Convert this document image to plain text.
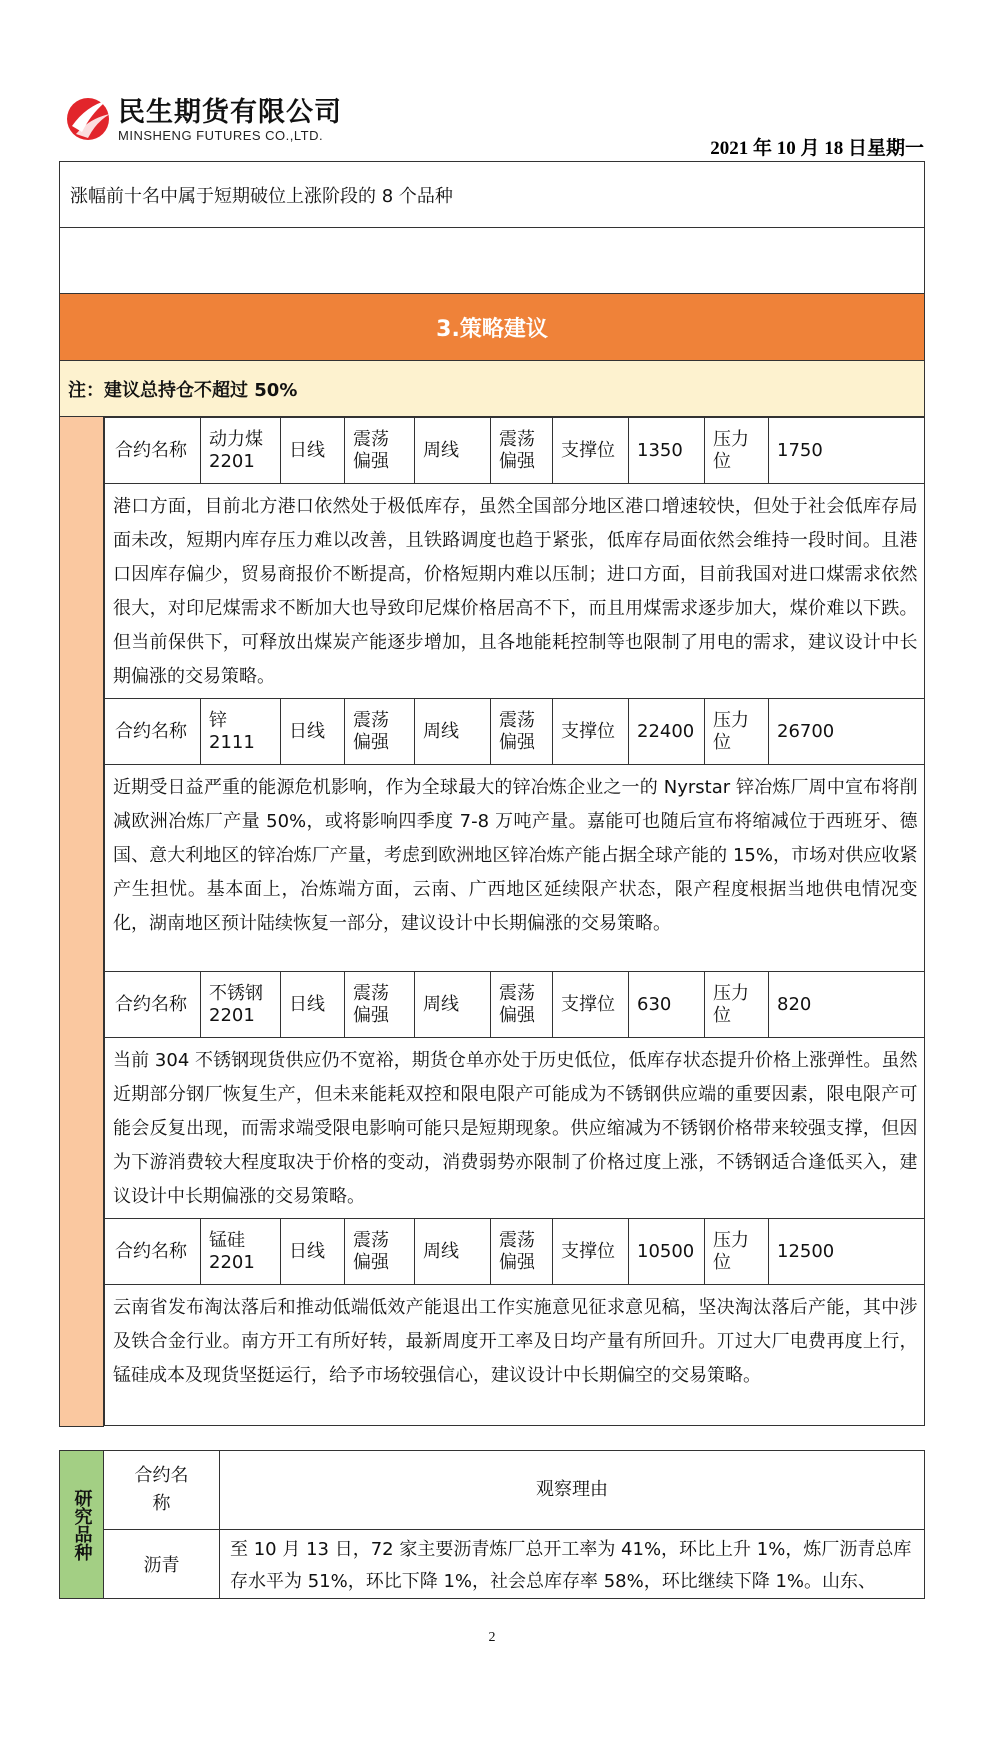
民生期货有限公司
MINSHENG FUTURES CO.,LTD.
2021 年 10 月 18 日星期一
涨幅前十名中属于短期破位上涨阶段的 8 个品种

3.策略建议
注：建议总持仓不超过 50%

合约名称	动力煤2201	日线	震荡偏强	周线	震荡偏强	支撑位	1350	压力位	1750
港口方面，目前北方港口依然处于极低库存，虽然全国部分地区港口增速较快，但处于社会低库存局面未改，短期内库存压力难以改善，且铁路调度也趋于紧张，低库存局面依然会维持一段时间。且港口因库存偏少，贸易商报价不断提高，价格短期内难以压制；进口方面，目前我国对进口煤需求依然很大，对印尼煤需求不断加大也导致印尼煤价格居高不下，而且用煤需求逐步加大，煤价难以下跌。但当前保供下，可释放出煤炭产能逐步增加，且各地能耗控制等也限制了用电的需求，建议设计中长期偏涨的交易策略。
合约名称	锌 2111	日线	震荡偏强	周线	震荡偏强	支撑位	22400	压力位	26700
近期受日益严重的能源危机影响，作为全球最大的锌冶炼企业之一的 Nyrstar 锌冶炼厂周中宣布将削减欧洲冶炼厂产量 50%，或将影响四季度 7-8 万吨产量。嘉能可也随后宣布将缩减位于西班牙、德国、意大利地区的锌冶炼厂产量，考虑到欧洲地区锌冶炼产能占据全球产能的 15%，市场对供应收紧产生担忧。基本面上，冶炼端方面，云南、广西地区延续限产状态，限产程度根据当地供电情况变化，湖南地区预计陆续恢复一部分，建议设计中长期偏涨的交易策略。
合约名称	不锈钢2201	日线	震荡偏强	周线	震荡偏强	支撑位	630	压力位	820
当前 304 不锈钢现货供应仍不宽裕，期货仓单亦处于历史低位，低库存状态提升价格上涨弹性。虽然近期部分钢厂恢复生产，但未来能耗双控和限电限产可能成为不锈钢供应端的重要因素，限电限产可能会反复出现，而需求端受限电影响可能只是短期现象。供应缩减为不锈钢价格带来较强支撑，但因为下游消费较大程度取决于价格的变动，消费弱势亦限制了价格过度上涨，不锈钢适合逢低买入，建议设计中长期偏涨的交易策略。
合约名称	锰硅2201	日线	震荡偏强	周线	震荡偏强	支撑位	10500	压力位	12500
云南省发布淘汰落后和推动低端低效产能退出工作实施意见征求意见稿，坚决淘汰落后产能，其中涉及铁合金行业。南方开工有所好转，最新周度开工率及日均产量有所回升。丌过大厂电费再度上行，锰硅成本及现货坚挺运行，给予市场较强信心，建议设计中长期偏空的交易策略。
研究品种	合约名称	观察理由
	沥青	至 10 月 13 日，72 家主要沥青炼厂总开工率为 41%，环比上升 1%，炼厂沥青总库存水平为 51%，环比下降 1%，社会总库存率 58%，环比继续下降 1%。山东、
2
